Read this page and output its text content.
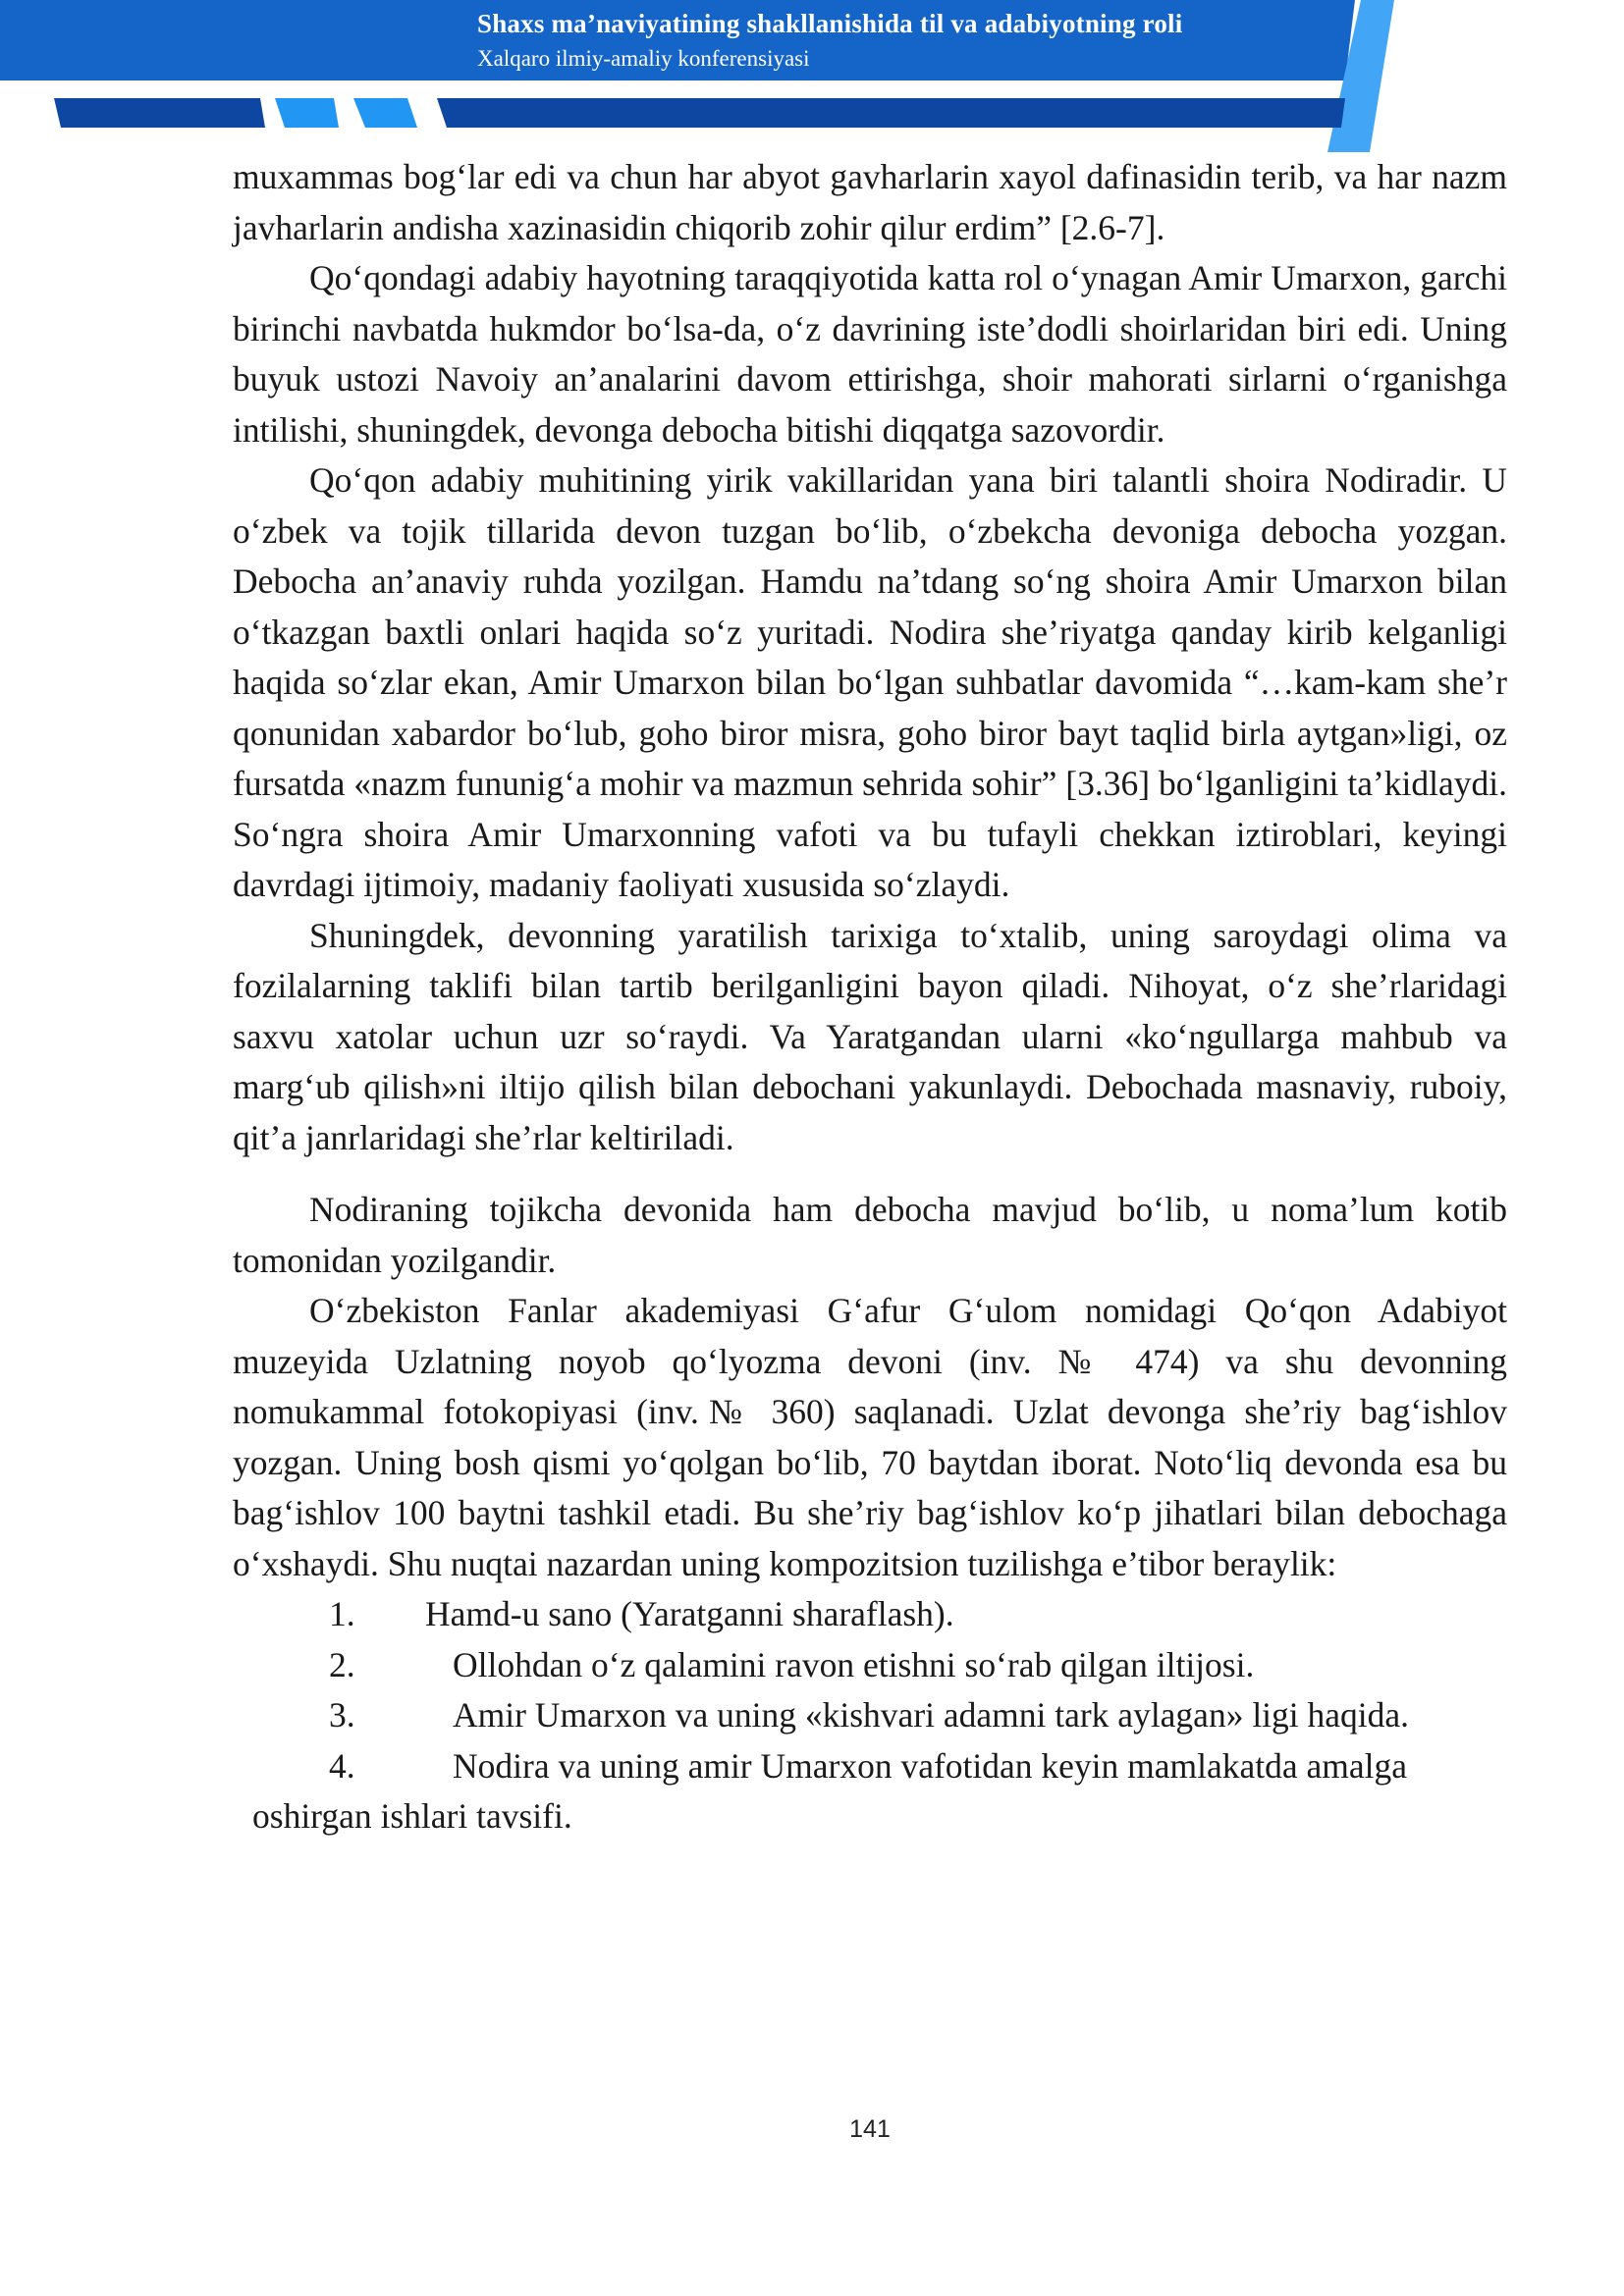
Shaxs ma’naviyatining shakllanishida til va adabiyotning roli
Xalqaro ilmiy-amaliy konferensiyasi

muxammas bog‘lar edi va chun har abyot gavharlarin xayol dafinasidin terib, va har nazm javharlarin andisha xazinasidin chiqorib zohir qilur erdim” [2.6-7].

Qo‘qondagi adabiy hayotning taraqqiyotida katta rol o‘ynagan Amir Umarxon, garchi birinchi navbatda hukmdor bo‘lsa-da, o‘z davrining iste’dodli shoirlaridan biri edi. Uning buyuk ustozi Navoiy an’analarini davom ettirishga, shoir mahorati sirlarni o‘rganishga intilishi, shuningdek, devonga debocha bitishi diqqatga sazovordir.

Qo‘qon adabiy muhitining yirik vakillaridan yana biri talantli shoira Nodiradir. U o‘zbek va tojik tillarida devon tuzgan bo‘lib, o‘zbekcha devoniga debocha yozgan. Debocha an’anaviy ruhda yozilgan. Hamdu na’tdang so‘ng shoira Amir Umarxon bilan o‘tkazgan baxtli onlari haqida so‘z yuritadi. Nodira she’riyatga qanday kirib kelganligi haqida so‘zlar ekan, Amir Umarxon bilan bo‘lgan suhbatlar davomida “…kam-kam she’r qonunidan xabardor bo‘lub, goho biror misra, goho biror bayt taqlid birla aytgan»ligi, oz fursatda «nazm fununig‘a mohir va mazmun sehrida sohir” [3.36] bo‘lganligini ta’kidlaydi. So‘ngra shoira Amir Umarxonning vafoti va bu tufayli chekkan iztiroblari, keyingi davrdagi ijtimoiy, madaniy faoliyati xususida so‘zlaydi.

Shuningdek, devonning yaratilish tarixiga to‘xtalib, uning saroydagi olima va fozilalarning taklifi bilan tartib berilganligini bayon qiladi. Nihoyat, o‘z she’rlaridagi saxvu xatolar uchun uzr so‘raydi. Va Yaratgandan ularni «ko‘ngullarga mahbub va marg‘ub qilish»ni iltijo qilish bilan debochani yakunlaydi. Debochada masnaviy, ruboiy, qit’a janrlaridagi she’rlar keltiriladi.

Nodiraning tojikcha devonida ham debocha mavjud bo‘lib, u noma’lum kotib tomonidan yozilgandir.

O‘zbekiston Fanlar akademiyasi G‘afur G‘ulom nomidagi Qo‘qon Adabiyot muzeyida Uzlatning noyob qo‘lyozma devoni (inv. № 474) va shu devonning nomukammal fotokopiyasi (inv.№ 360) saqlanadi. Uzlat devonga she’riy bag‘ishlov yozgan. Uning bosh qismi yo‘qolgan bo‘lib, 70 baytdan iborat. Noto‘liq devonda esa bu bag‘ishlov 100 baytni tashkil etadi. Bu she’riy bag‘ishlov ko‘p jihatlari bilan debochaga o‘xshaydi. Shu nuqtai nazardan uning kompozitsion tuzilishga e’tibor beraylik:

1. Hamd-u sano (Yaratganni sharaflash).
2.	Ollohdan o‘z qalamini ravon etishni so‘rab qilgan iltijosi.
3.	Amir Umarxon va uning «kishvari adamni tark aylagan» ligi haqida.
4.	Nodira va uning amir Umarxon vafotidan keyin mamlakatda amalga

oshirgan ishlari tavsifi.

141
